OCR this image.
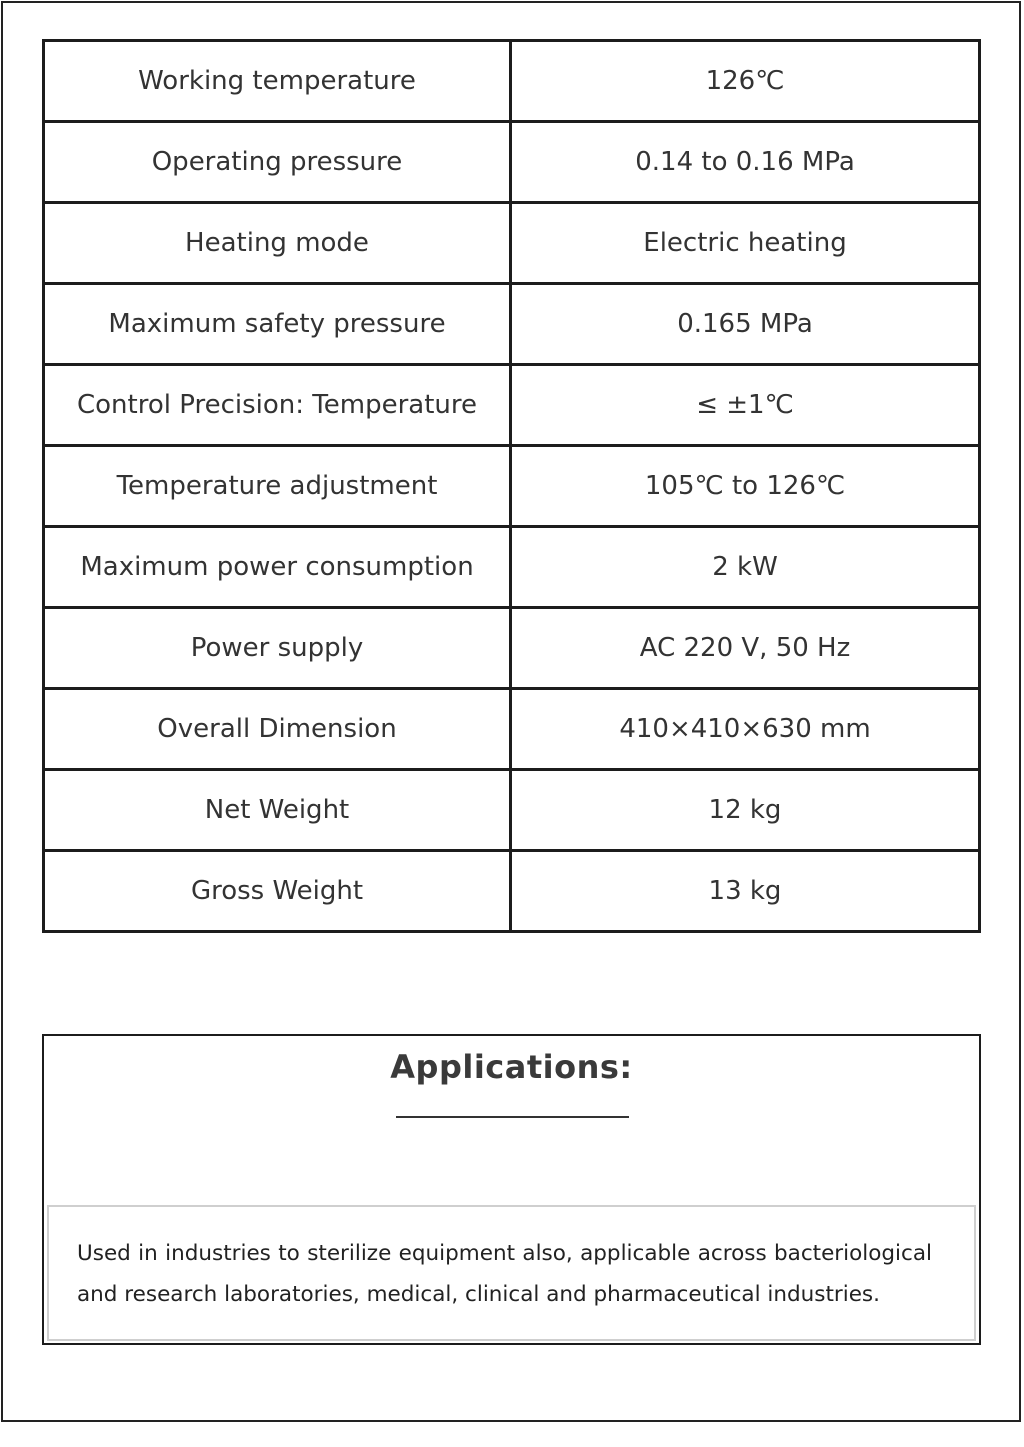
Working temperature	126℃
Operating pressure	0.14 to 0.16 MPa
Heating mode	Electric heating
Maximum safety pressure	0.165 MPa
Control Precision: Temperature	≤ ±1℃
Temperature adjustment	105℃ to 126℃
Maximum power consumption	2 kW
Power supply	AC 220 V, 50 Hz
Overall Dimension	410×410×630 mm
Net Weight	12 kg
Gross Weight	13 kg
Applications:

Used in industries to sterilize equipment also, applicable across bacteriological and research laboratories, medical, clinical and pharmaceutical industries.
